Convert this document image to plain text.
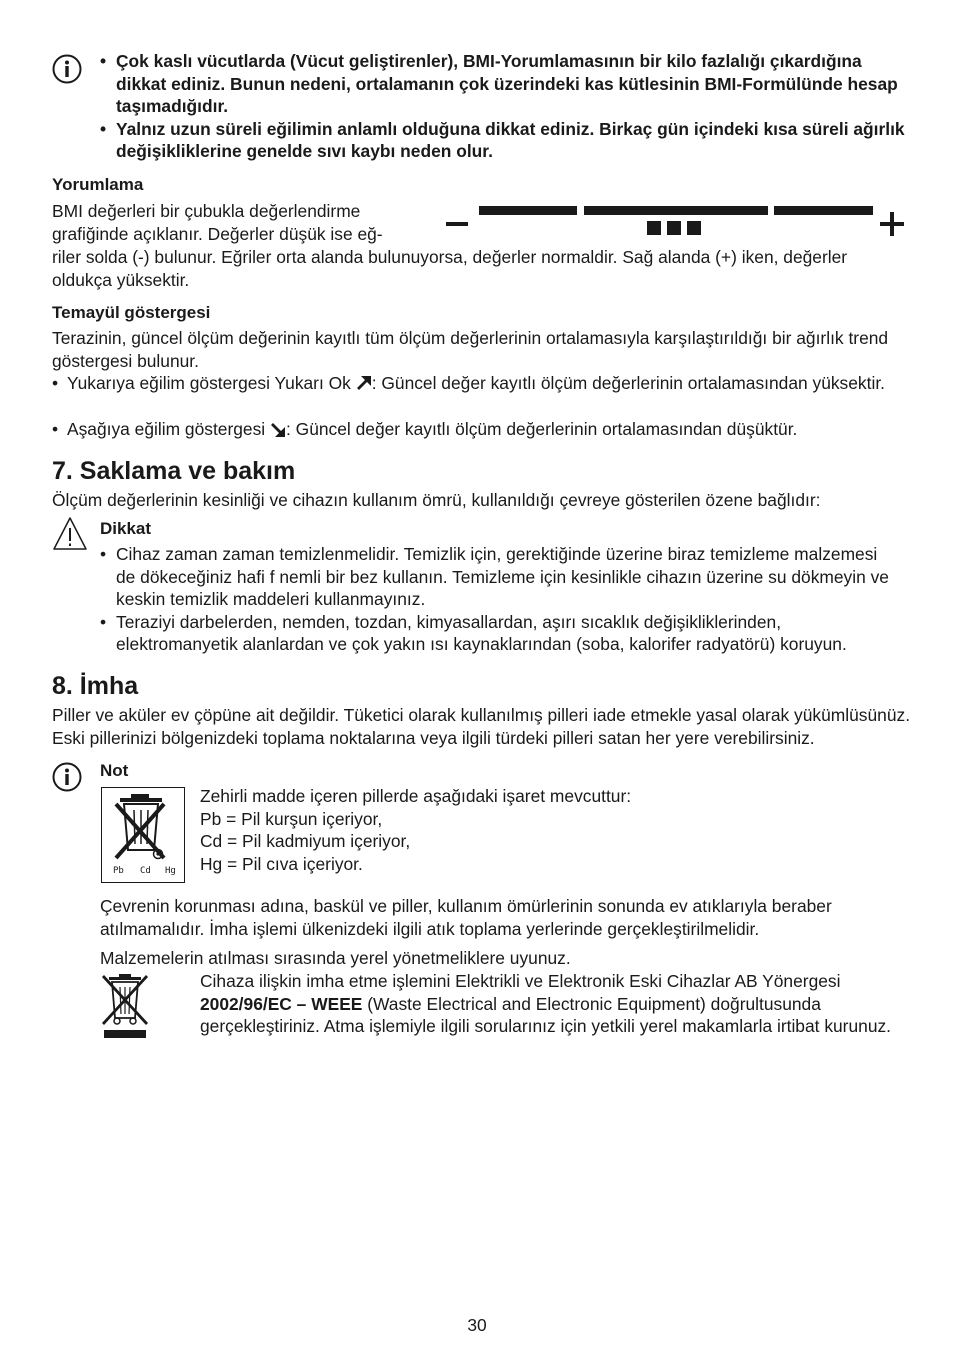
• Çok kaslı vücutlarda (Vücut geliştirenler), BMI-Yorumlamasının bir kilo fazlalığı çıkardığına dikkat ediniz. Bunun nedeni, ortalamanın çok üzerindeki kas kütlesinin BMI-Formülünde hesap taşımadığıdır.
• Yalnız uzun süreli eğilimin anlamlı olduğuna dikkat ediniz. Birkaç gün içindeki kısa süreli ağırlık değişikliklerine genelde sıvı kaybı neden olur.
Yorumlama
BMI değerleri bir çubukla değerlendirme
grafiğinde açıklanır. Değerler düşük ise eğ-
riler solda (-) bulunur. Eğriler orta alanda bulunuyorsa, değerler normaldir. Sağ alanda (+) iken, değerler oldukça yüksektir.
Temayül göstergesi
Terazinin, güncel ölçüm değerinin kayıtlı tüm ölçüm değerlerinin ortalamasıyla karşılaştırıldığı bir ağırlık trend göstergesi bulunur.
• Yukarıya eğilim göstergesi Yukarı Ok : Güncel değer kayıtlı ölçüm değerlerinin ortalamasından yüksektir.
• Aşağıya eğilim göstergesi : Güncel değer kayıtlı ölçüm değerlerinin ortalamasından düşüktür.
7. Saklama ve bakım
Ölçüm değerlerinin kesinliği ve cihazın kullanım ömrü, kullanıldığı çevreye gösterilen özene bağlıdır:
Dikkat
• Cihaz zaman zaman temizlenmelidir. Temizlik için, gerektiğinde üzerine biraz temizleme malzemesi de dökeceğiniz hafi f nemli bir bez kullanın. Temizleme için kesinlikle cihazın üzerine su dökmeyin ve keskin temizlik maddeleri kullanmayınız.
• Teraziyi darbelerden, nemden, tozdan, kimyasallardan, aşırı sıcaklık değişikliklerinden, elektromanyetik alanlardan ve çok yakın ısı kaynaklarından (soba, kalorifer radyatörü) koruyun.
8. İmha
Piller ve aküler ev çöpüne ait değildir. Tüketici olarak kullanılmış pilleri iade etmekle yasal olarak yükümlüsünüz. Eski pillerinizi bölgenizdeki toplama noktalarına veya ilgili türdeki pilleri satan her yere verebilirsiniz.
Not
Pb Cd Hg
Zehirli madde içeren pillerde aşağıdaki işaret mevcuttur:
Pb = Pil kurşun içeriyor,
Cd = Pil kadmiyum içeriyor,
Hg = Pil cıva içeriyor.
Çevrenin korunması adına, baskül ve piller, kullanım ömürlerinin sonunda ev atıklarıyla beraber atılmamalıdır. İmha işlemi ülkenizdeki ilgili atık toplama yerlerinde gerçekleştirilmelidir.
Malzemelerin atılması sırasında yerel yönetmeliklere uyunuz.
Cihaza ilişkin imha etme işlemini Elektrikli ve Elektronik Eski Cihazlar AB Yönergesi 2002/96/EC – WEEE (Waste Electrical and Electronic Equipment) doğrultusunda gerçekleştiriniz. Atma işlemiyle ilgili sorularınız için yetkili yerel makamlarla irtibat kurunuz.
30
